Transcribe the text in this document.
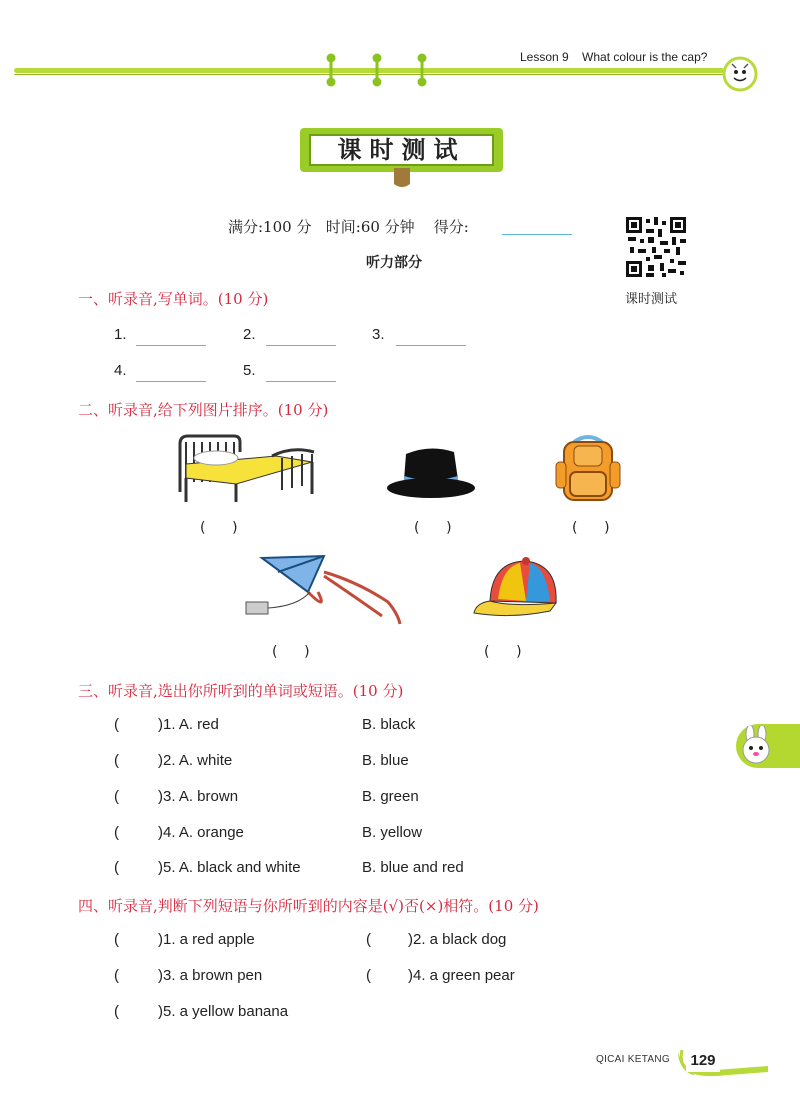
Lesson 9 What colour is the cap?
课时测试
满分:100 分 时间:60 分钟 得分:
听力部分
课时测试
一、听录音,写单词。(10 分)
1.	2.	3.
4.	5.
二、听录音,给下列图片排序。(10 分)
(      )	(      )	(      )
(      )	(      )
三、听录音,选出你所听到的单词或短语。(10 分)
(	)1. A. red	B. black
(	)2. A. white	B. blue
(	)3. A. brown	B. green
(	)4. A. orange	B. yellow
(	)5. A. black and white	B. blue and red
四、听录音,判断下列短语与你所听到的内容是(√)否(×)相符。(10 分)
(	)1. a red apple	( )2. a black dog
(	)3. a brown pen	( )4. a green pear
(	)5. a yellow banana
QICAI KETANG 129
